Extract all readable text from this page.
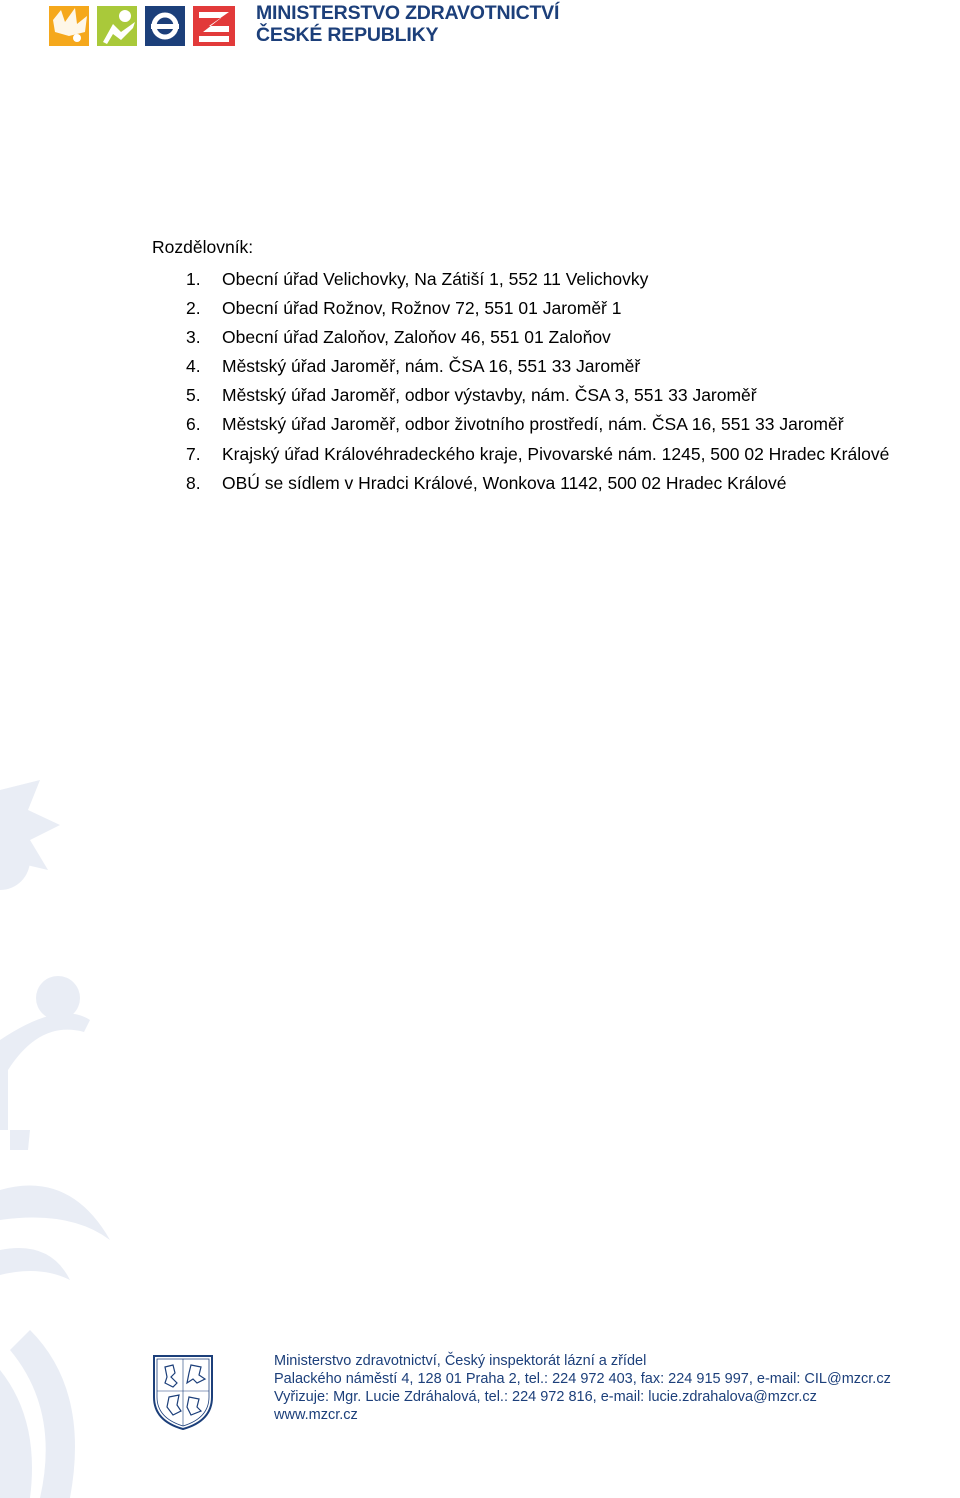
MINISTERSTVO ZDRAVOTNICTVÍ
ČESKÉ REPUBLIKY
Rozdělovník:
1.	Obecní úřad Velichovky, Na Zátiší 1, 552 11 Velichovky
2.	Obecní úřad Rožnov, Rožnov 72, 551 01 Jaroměř 1
3.	Obecní úřad Zaloňov, Zaloňov 46, 551 01 Zaloňov
4.	Městský úřad Jaroměř, nám. ČSA 16, 551 33 Jaroměř
5.	Městský úřad Jaroměř, odbor výstavby, nám. ČSA 3, 551 33 Jaroměř
6.	Městský úřad Jaroměř, odbor životního prostředí, nám. ČSA 16, 551 33 Jaroměř
7.	Krajský úřad Královéhradeckého kraje, Pivovarské nám. 1245, 500 02 Hradec Králové
8.	OBÚ se sídlem v Hradci Králové, Wonkova 1142, 500 02 Hradec Králové
Ministerstvo zdravotnictví, Český inspektorát lázní a zřídel
Palackého náměstí 4, 128 01 Praha 2, tel.: 224 972 403, fax: 224 915 997, e-mail: CIL@mzcr.cz
Vyřizuje: Mgr. Lucie Zdráhalová, tel.: 224 972 816, e-mail: lucie.zdrahalova@mzcr.cz
www.mzcr.cz
